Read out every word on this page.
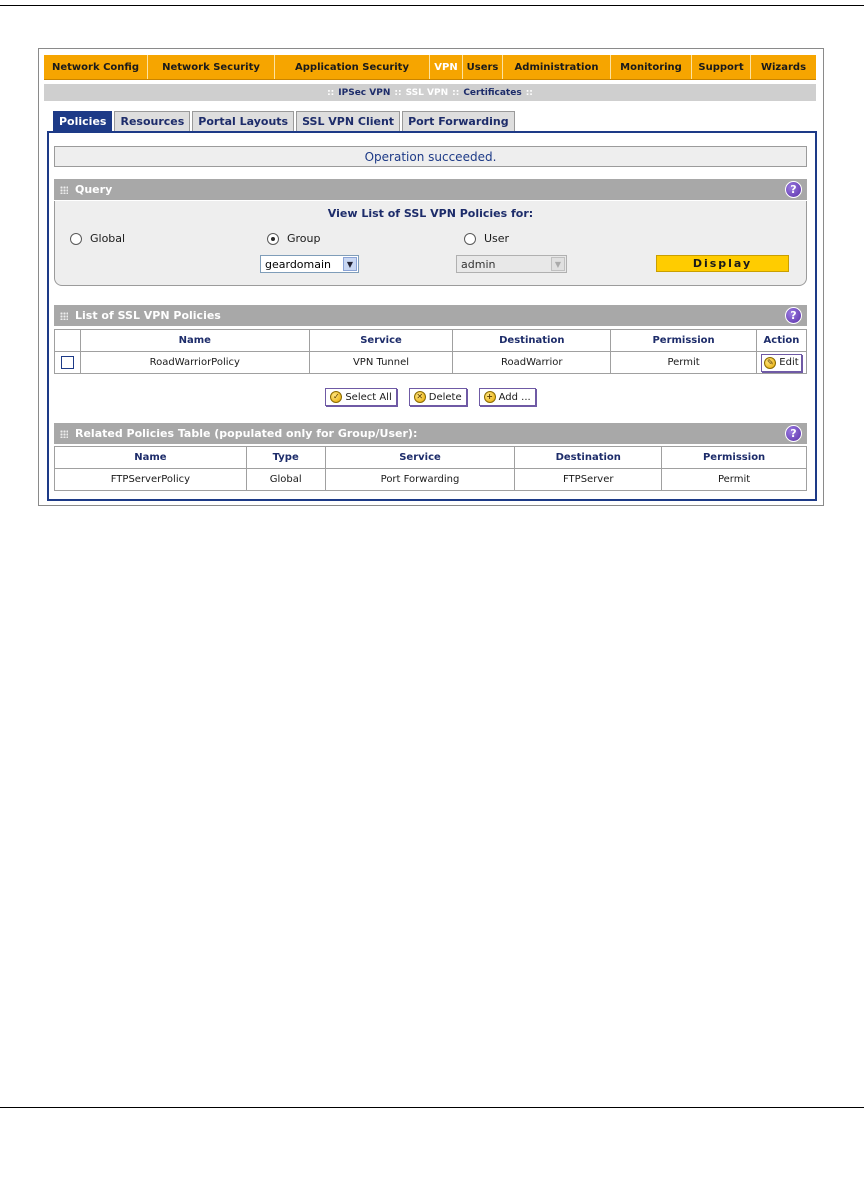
Network Config	Network Security	Application Security	VPN Users	Administration	Monitoring	Support	Wizards
:: IPSec VPN :: SSL VPN :: Certificates ::
Policies	Resources	Portal Layouts	SSL VPN Client	Port Forwarding
Operation succeeded.
Query	?
View List of SSL VPN Policies for:
Global	Group	User
geardomain	▼	admin	▼	Display
List of SSL VPN Policies	?
	Name	Service	Destination	Permission	Action
	RoadWarriorPolicy	VPN Tunnel	RoadWarrior	Permit	✎ Edit
✓ Select All	✕ Delete	+ Add ...
Related Policies Table (populated only for Group/User):	?
Name	Type	Service	Destination	Permission
FTPServerPolicy	Global	Port Forwarding	FTPServer	Permit
